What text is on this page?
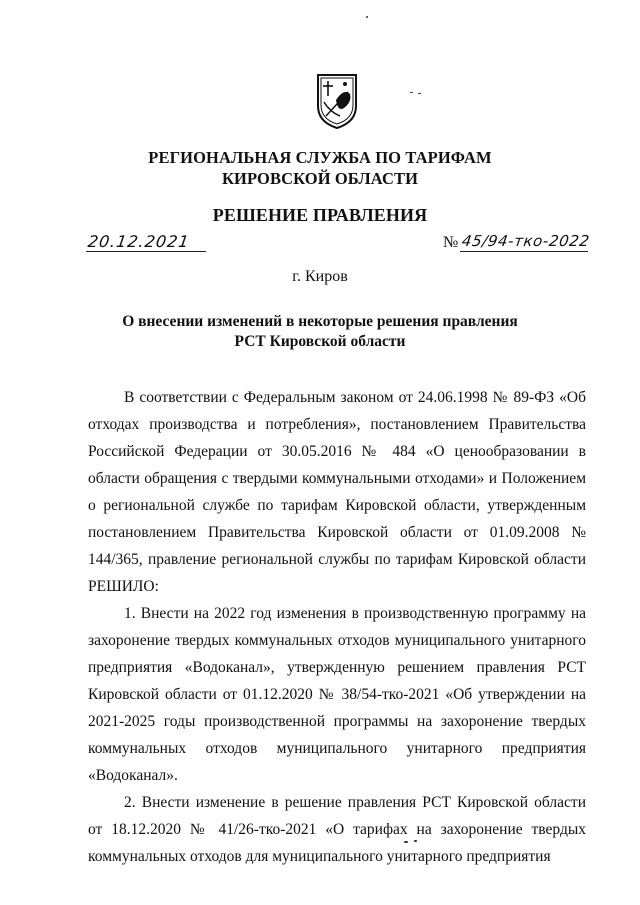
РЕГИОНАЛЬНАЯ СЛУЖБА ПО ТАРИФАМ
КИРОВСКОЙ ОБЛАСТИ
РЕШЕНИЕ ПРАВЛЕНИЯ
20.12.2021	№ 45/94-тко-2022
г. Киров
О внесении изменений в некоторые решения правления
РСТ Кировской области

В соответствии с Федеральным законом от 24.06.1998 № 89-ФЗ «Об отходах производства и потребления», постановлением Правительства Российской Федерации от 30.05.2016 № 484 «О ценообразовании в области обращения с твердыми коммунальными отходами» и Положением о региональной службе по тарифам Кировской области, утвержденным постановлением Правительства Кировской области от 01.09.2008 № 144/365, правление региональной службы по тарифам Кировской области РЕШИЛО:

1. Внести на 2022 год изменения в производственную программу на захоронение твердых коммунальных отходов муниципального унитарного предприятия «Водоканал», утвержденную решением правления РСТ Кировской области от 01.12.2020 № 38/54-тко-2021 «Об утверждении на 2021-2025 годы производственной программы на захоронение твердых коммунальных отходов муниципального унитарного предприятия «Водоканал».

2. Внести изменение в решение правления РСТ Кировской области от 18.12.2020 № 41/26-тко-2021 «О тарифах на захоронение твердых коммунальных отходов для муниципального унитарного предприятия
